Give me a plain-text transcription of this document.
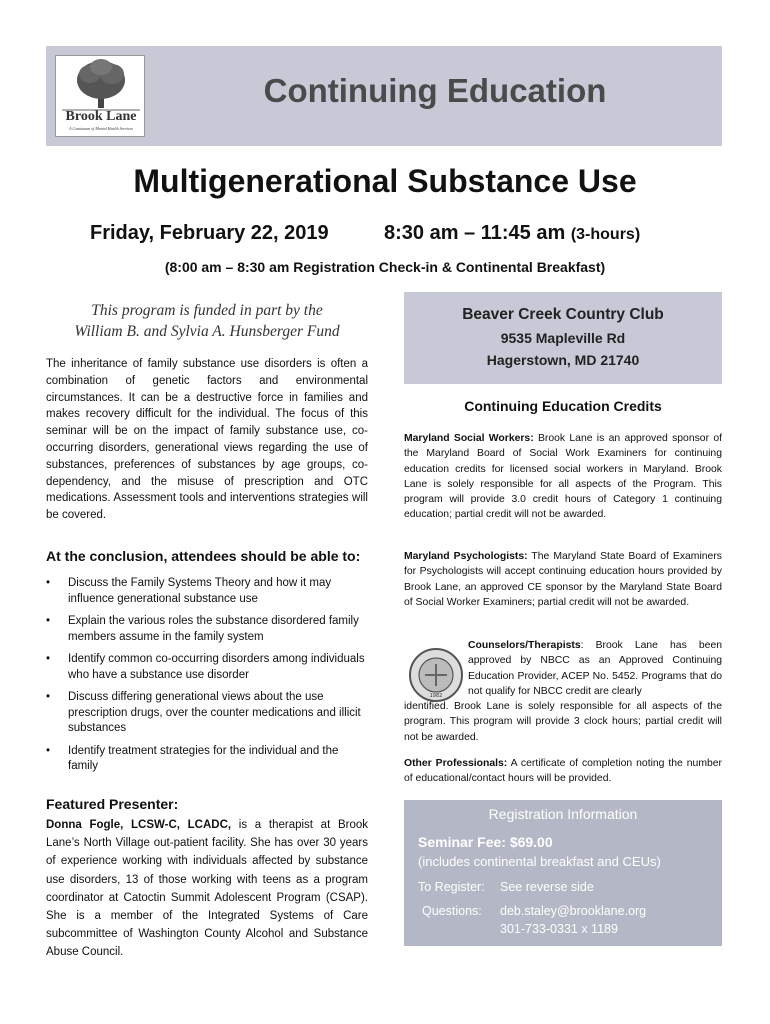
Brook Lane
A Continuum of Mental Health Services
Continuing Education
Multigenerational Substance Use
Friday, February 22, 2019	8:30 am – 11:45 am (3-hours)
(8:00 am – 8:30 am Registration Check-in & Continental Breakfast)
This program is funded in part by the
William B. and Sylvia A. Hunsberger Fund
The inheritance of family substance use disorders is often a combination of genetic factors and environmental circumstances. It can be a destructive force in families and makes recovery difficult for the individual. The focus of this seminar will be on the impact of family substance use, co-occurring disorders, generational views regarding the use of substances, preferences of substances by age groups, co-dependency, and the misuse of prescription and OTC medications. Assessment tools and interventions strategies will be covered.
At the conclusion, attendees should be able to:
• Discuss the Family Systems Theory and how it may influence generational substance use
• Explain the various roles the substance disordered family members assume in the family system
• Identify common co-occurring disorders among individuals who have a substance use disorder
• Discuss differing generational views about the use prescription drugs, over the counter medications and illicit substances
• Identify treatment strategies for the individual and the family
Featured Presenter:
Donna Fogle, LCSW-C, LCADC, is a therapist at Brook Lane’s North Village out-patient facility. She has over 30 years of experience working with individuals affected by substance use disorders, 13 of those working with teens as a program coordinator at Catoctin Summit Adolescent Program (CSAP). She is a member of the Integrated Systems of Care subcommittee of Washington County Alcohol and Substance Abuse Council.
Beaver Creek Country Club
9535 Mapleville Rd
Hagerstown, MD 21740
Continuing Education Credits
Maryland Social Workers: Brook Lane is an approved sponsor of the Maryland Board of Social Work Examiners for continuing education credits for licensed social workers in Maryland. Brook Lane is solely responsible for all aspects of the Program. This program will provide 3.0 credit hours of Category 1 continuing education; partial credit will not be awarded.
Maryland Psychologists: The Maryland State Board of Examiners for Psychologists will accept continuing education hours provided by Brook Lane, an approved CE sponsor by the Maryland State Board of Social Worker Examiners; partial credit will not be awarded.
1982
Counselors/Therapists: Brook Lane has been approved by NBCC as an Approved Continuing Education Provider, ACEP No. 5452. Programs that do not qualify for NBCC credit are clearly
identified. Brook Lane is solely responsible for all aspects of the program. This program will provide 3 clock hours; partial credit will not be awarded.
Other Professionals: A certificate of completion noting the number of educational/contact hours will be provided.
Registration Information
Seminar Fee: $69.00
(includes continental breakfast and CEUs)
To Register: See reverse side
Questions: deb.staley@brooklane.org
301-733-0331 x 1189
